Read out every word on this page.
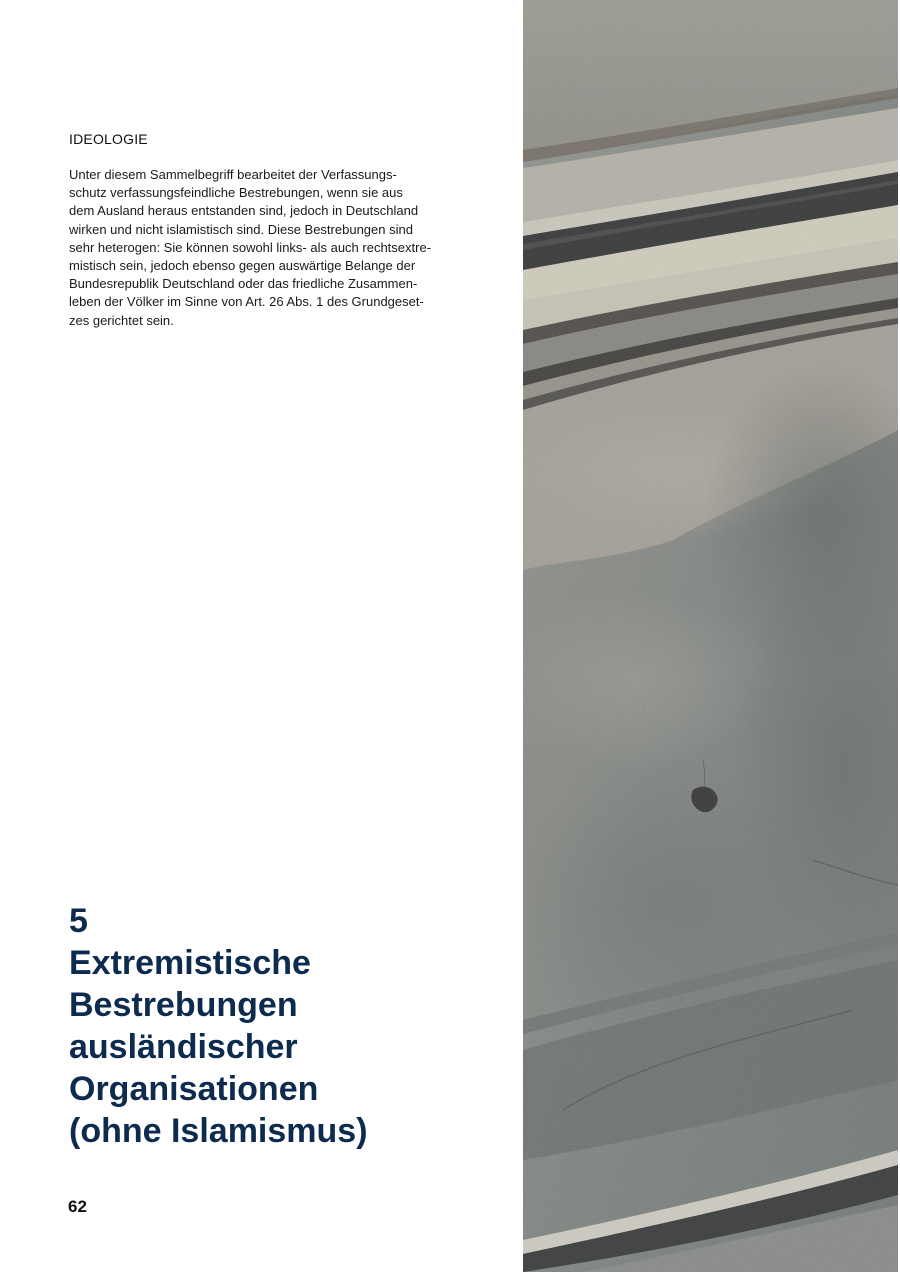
IDEOLOGIE
Unter diesem Sammelbegriff bearbeitet der Verfassungs-
schutz verfassungsfeindliche Bestrebungen, wenn sie aus
dem Ausland heraus entstanden sind, jedoch in Deutschland
wirken und nicht islamistisch sind. Diese Bestrebungen sind
sehr heterogen: Sie können sowohl links- als auch rechtsextre-
mistisch sein, jedoch ebenso gegen auswärtige Belange der
Bundesrepublik Deutschland oder das friedliche Zusammen-
leben der Völker im Sinne von Art. 26 Abs. 1 des Grundgeset-
zes gerichtet sein.
5
Extremistische
Bestrebungen
ausländischer
Organisationen
(ohne Islamismus)
62
